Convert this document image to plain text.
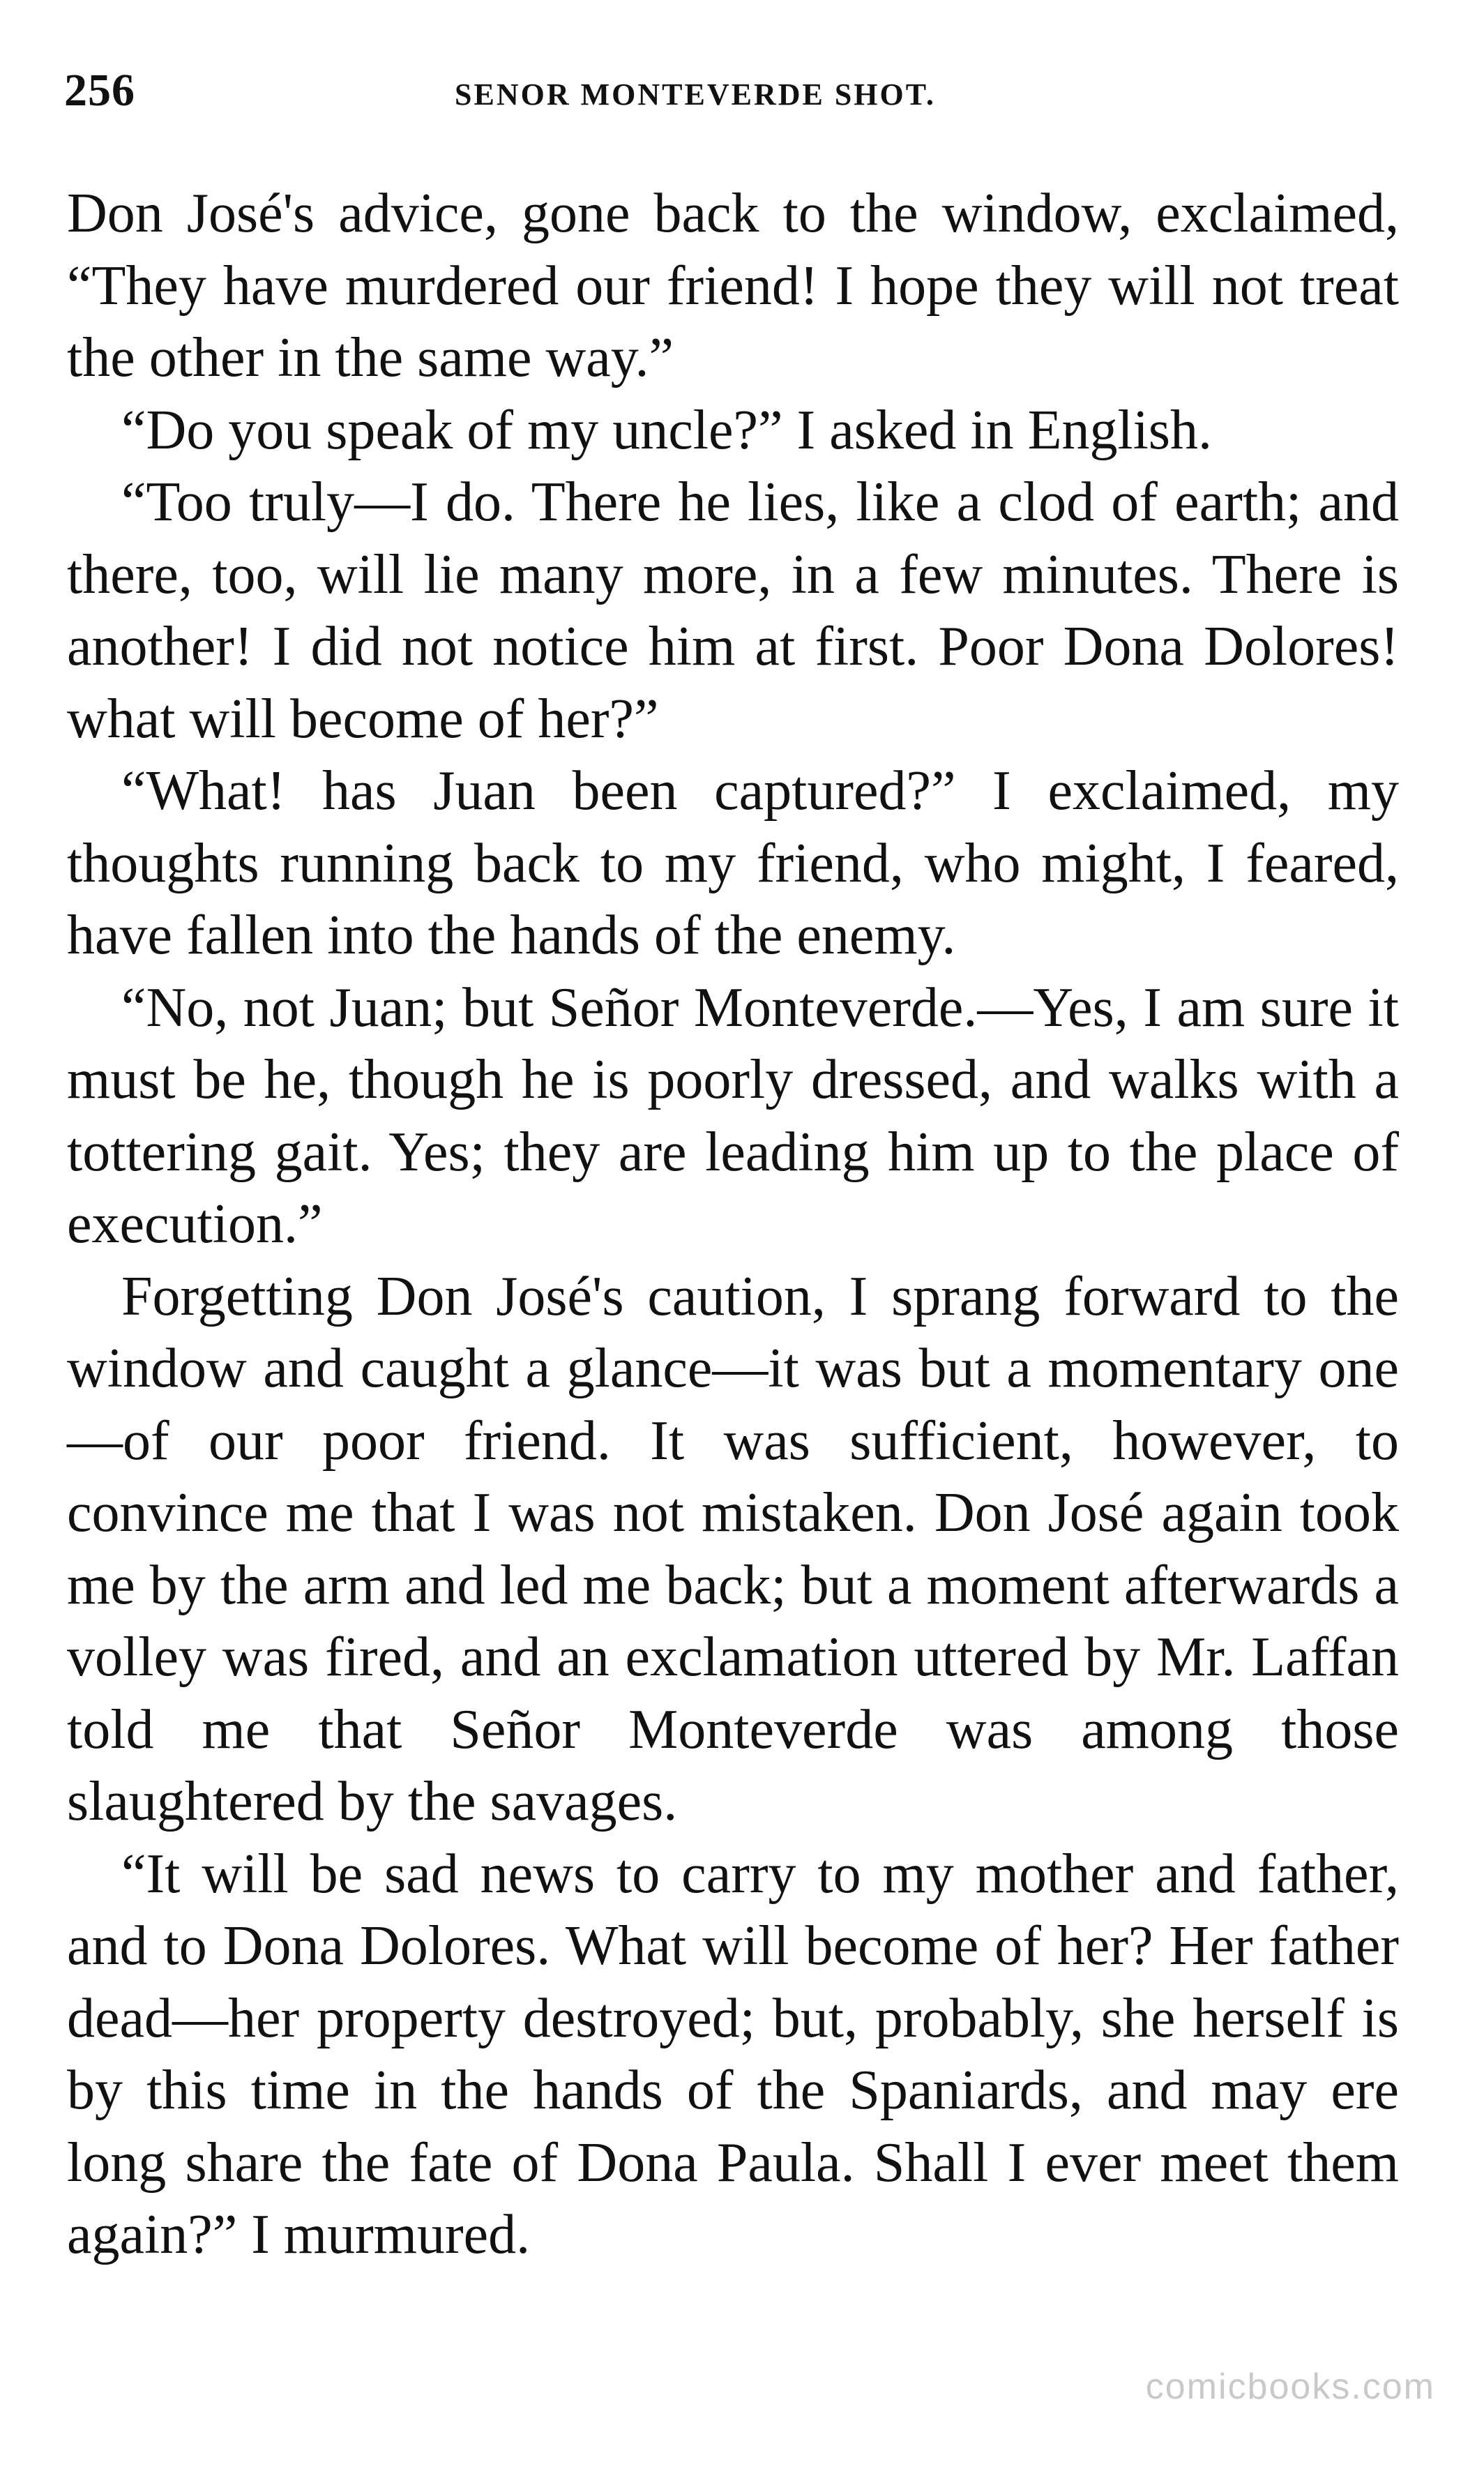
256	SENOR MONTEVERDE SHOT.

Don José's advice, gone back to the window, exclaimed, “They have murdered our friend! I hope they will not treat the other in the same way.”

“Do you speak of my uncle?” I asked in English.

“Too truly—I do. There he lies, like a clod of earth; and there, too, will lie many more, in a few minutes. There is another! I did not notice him at first. Poor Dona Dolores! what will become of her?”

“What! has Juan been captured?” I exclaimed, my thoughts running back to my friend, who might, I feared, have fallen into the hands of the enemy.

“No, not Juan; but Señor Monteverde.—Yes, I am sure it must be he, though he is poorly dressed, and walks with a tottering gait. Yes; they are leading him up to the place of execution.”

Forgetting Don José's caution, I sprang forward to the window and caught a glance—it was but a momentary one—of our poor friend. It was sufficient, however, to convince me that I was not mistaken. Don José again took me by the arm and led me back; but a moment afterwards a volley was fired, and an exclamation uttered by Mr. Laffan told me that Señor Monteverde was among those slaughtered by the savages.

“It will be sad news to carry to my mother and father, and to Dona Dolores. What will become of her? Her father dead—her property destroyed; but, probably, she herself is by this time in the hands of the Spaniards, and may ere long share the fate of Dona Paula. Shall I ever meet them again?” I murmured.

comicbooks.com
